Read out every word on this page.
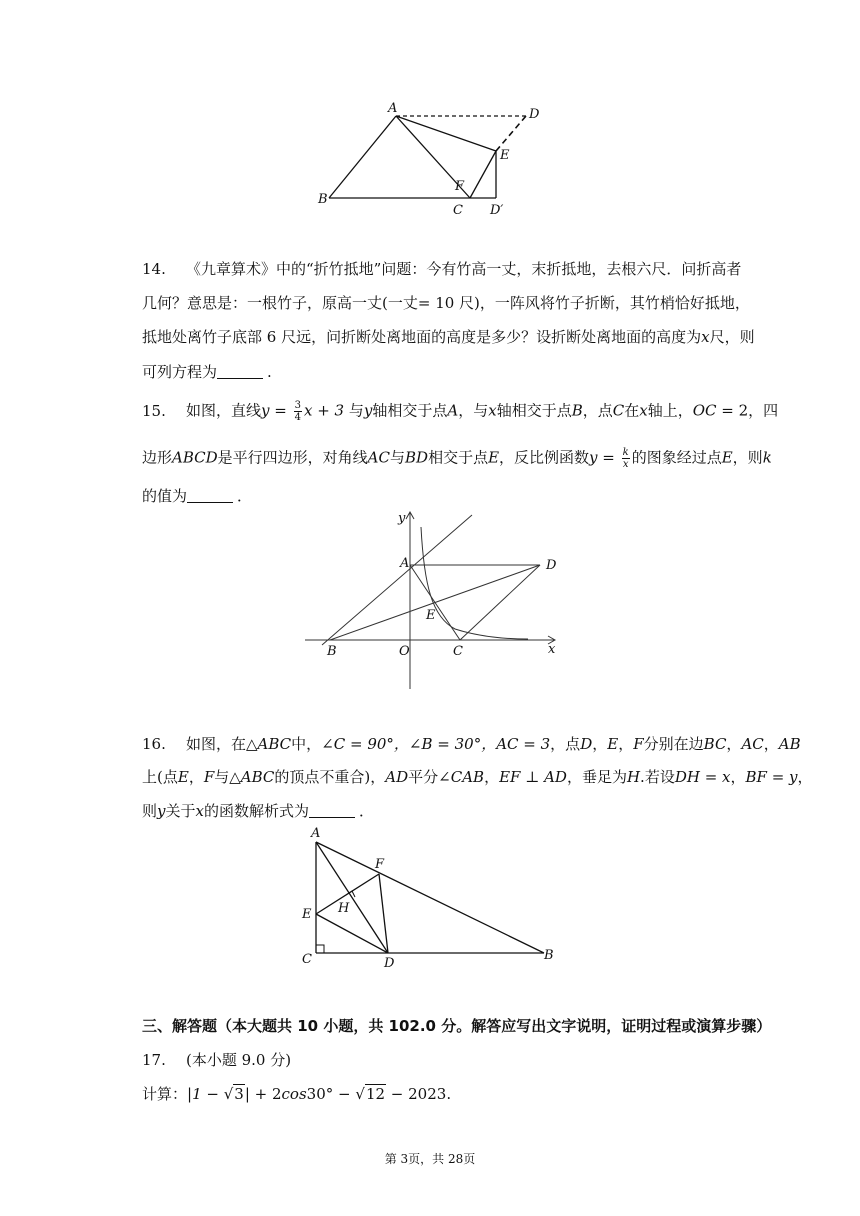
A	D
E
F
B
C D′
14. 《九章算术》中的“折竹抵地”问题：今有竹高一丈，末折抵地，去根六尺．问折高者
几何？意思是：一根竹子，原高一丈(一丈= 10 尺)，一阵风将竹子折断，其竹梢恰好抵地，
抵地处离竹子底部 6 尺远，问折断处离地面的高度是多少？设折断处离地面的高度为x尺，则
可列方程为	.
15. 如图，直线$y = \frac{3}{4}$ x + 3 与y轴相交于点A，与x轴相交于点B，点C在x轴上，OC = 2，四
边形ABCD是平行四边形，对角线AC与BD相交于点E，反比例函数$y = \frac{k}{x}$ 的图象经过点E，则k
的值为	．
y
x
A	D
E
B	O	C
16. 如图，在△ABC中，∠C = 90°，∠B = 30°，AC = 3，点D，E，F分别在边BC，AC，AB
上(点E，F与△ABC的顶点不重合)，AD平分∠CAB，EF ⊥ AD，垂足为H.若设DH = x，BF = y，
则y关于x的函数解析式为	．
A
F
E H
C	D
B
三、解答题（本大题共 10 小题，共 102.0 分。解答应写出文字说明，证明过程或演算步骤）
17. (本小题 9.0 分)
计算：|1 − √3| + 2cos30° − √12 − 2023.
第 3页，共 28页
